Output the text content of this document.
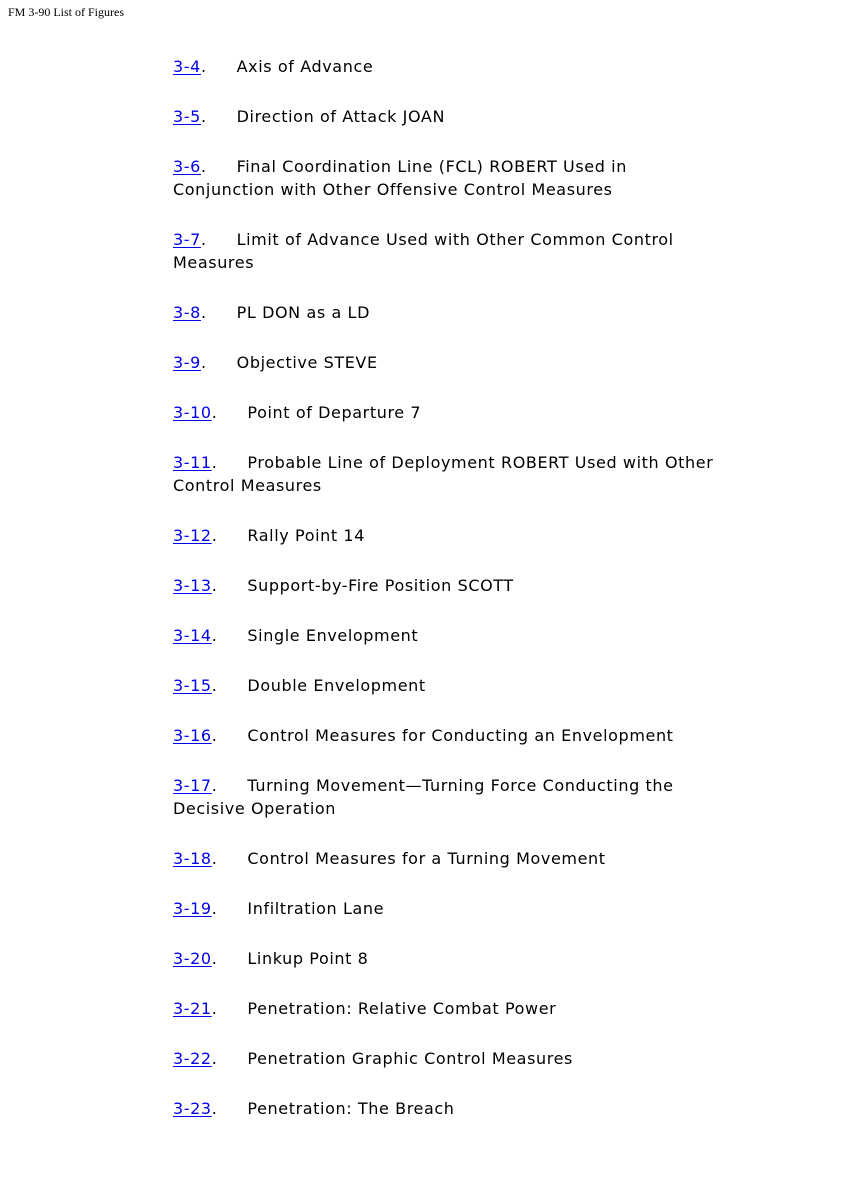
FM 3-90 List of Figures
3-4. Axis of Advance
3-5. Direction of Attack JOAN
3-6. Final Coordination Line (FCL) ROBERT Used in Conjunction with Other Offensive Control Measures
3-7. Limit of Advance Used with Other Common Control Measures
3-8. PL DON as a LD
3-9. Objective STEVE
3-10. Point of Departure 7
3-11. Probable Line of Deployment ROBERT Used with Other Control Measures
3-12. Rally Point 14
3-13. Support-by-Fire Position SCOTT
3-14. Single Envelopment
3-15. Double Envelopment
3-16. Control Measures for Conducting an Envelopment
3-17. Turning Movement—Turning Force Conducting the Decisive Operation
3-18. Control Measures for a Turning Movement
3-19. Infiltration Lane
3-20. Linkup Point 8
3-21. Penetration: Relative Combat Power
3-22. Penetration Graphic Control Measures
3-23. Penetration: The Breach
